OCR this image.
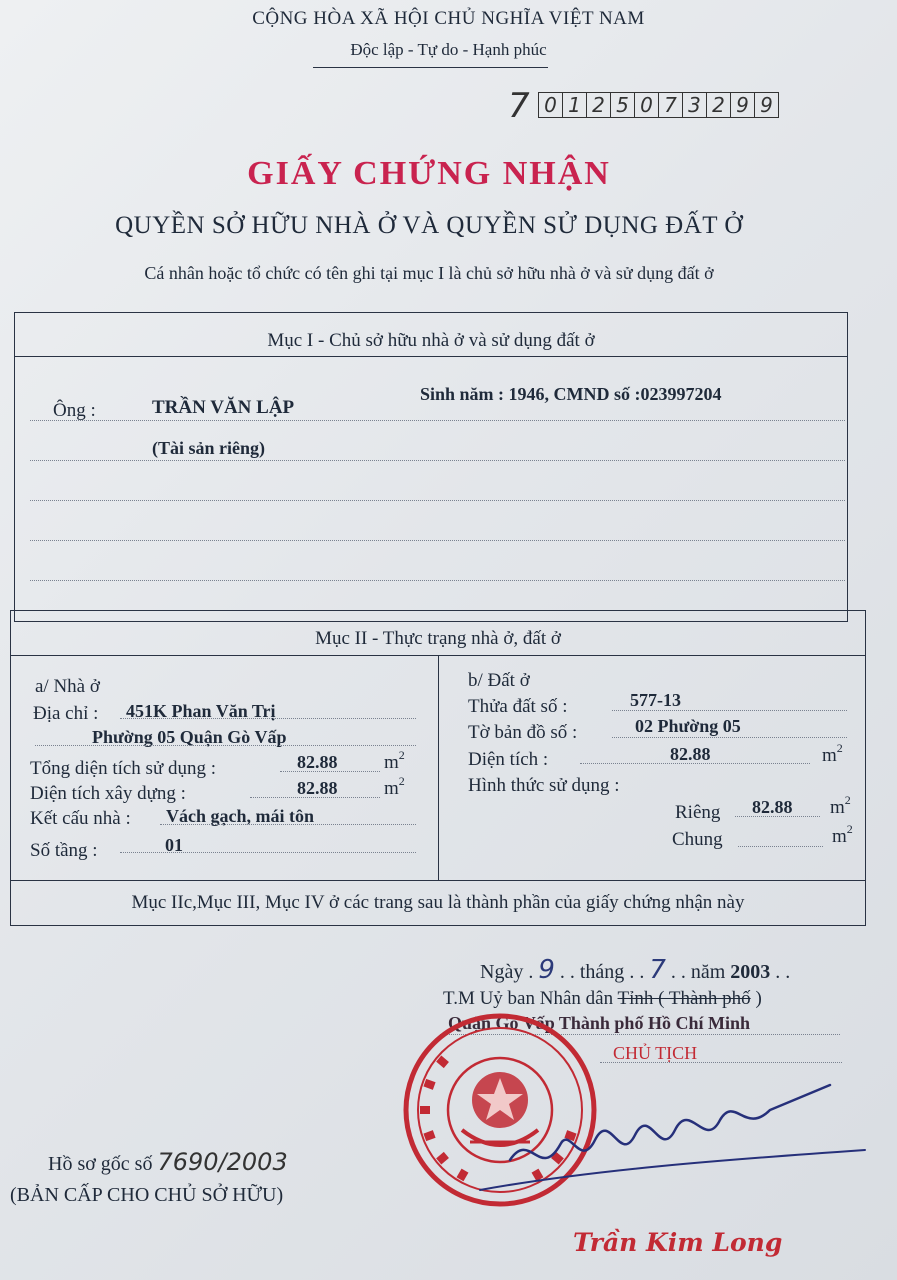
CỘNG HÒA XÃ HỘI CHỦ NGHĨA VIỆT NAM
Độc lập - Tự do - Hạnh phúc
7 0 1 2 5 0 7 3 2 9 9
GIẤY CHỨNG NHẬN
QUYỀN SỞ HỮU NHÀ Ở VÀ QUYỀN SỬ DỤNG ĐẤT Ở
Cá nhân hoặc tổ chức có tên ghi tại mục I là chủ sở hữu nhà ở và sử dụng đất ở
Mục I - Chủ sở hữu nhà ở và sử dụng đất ở
Ông :	TRẦN VĂN LẬP
Sinh năm : 1946, CMND số :023997204
(Tài sản riêng)
Mục II - Thực trạng nhà ở, đất ở
a/ Nhà ở
Địa chỉ : 451K Phan Văn Trị
Phường 05 Quận Gò Vấp
Tổng diện tích sử dụng :	82.88 $m^2$
Diện tích xây dựng :	82.88 $m^2$
Kết cấu nhà : Vách gạch, mái tôn
Số tầng :	01
b/ Đất ở
Thửa đất số :	577-13
Tờ bản đồ số :	02 Phường 05
Diện tích :	82.88	$m^2$
Hình thức sử dụng :
Riêng 82.88 $m^2$
Chung	$m^2$
Mục IIc,Mục III, Mục IV ở các trang sau là thành phần của giấy chứng nhận này
Ngày . 9 . . tháng . . 7 . . năm 2003 . .
T.M Uỷ ban Nhân dân Tỉnh ( Thành phố )
Quận Gò Vấp Thành phố Hồ Chí Minh
CHỦ TỊCH
Hồ sơ gốc số 7690/2003
(BẢN CẤP CHO CHỦ SỞ HỮU)
Trần Kim Long
